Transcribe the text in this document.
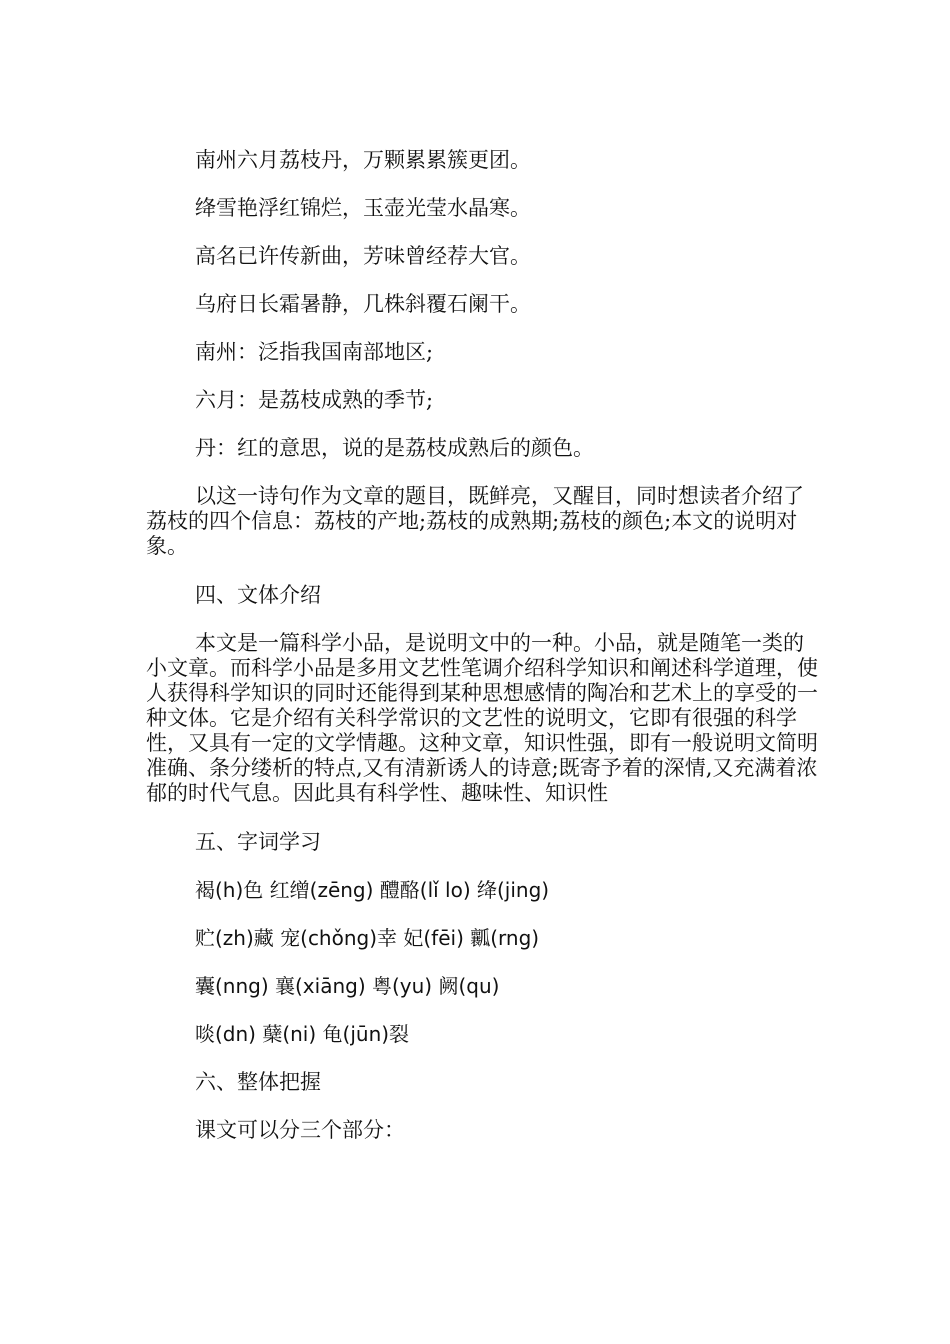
南州六月荔枝丹，万颗累累簇更团。

绛雪艳浮红锦烂，玉壶光莹水晶寒。

高名已许传新曲，芳味曾经荐大官。

乌府日长霜暑静，几株斜覆石阑干。

南州：泛指我国南部地区;

六月：是荔枝成熟的季节;

丹：红的意思，说的是荔枝成熟后的颜色。

以这一诗句作为文章的题目，既鲜亮，又醒目，同时想读者介绍了荔枝的四个信息：荔枝的产地;荔枝的成熟期;荔枝的颜色;本文的说明对象。

四、文体介绍

本文是一篇科学小品，是说明文中的一种。小品，就是随笔一类的小文章。而科学小品是多用文艺性笔调介绍科学知识和阐述科学道理，使人获得科学知识的同时还能得到某种思想感情的陶冶和艺术上的享受的一种文体。它是介绍有关科学常识的文艺性的说明文，它即有很强的科学性，又具有一定的文学情趣。这种文章，知识性强，即有一般说明文简明准确、条分缕析的特点,又有清新诱人的诗意;既寄予着的深情,又充满着浓郁的时代气息。因此具有科学性、趣味性、知识性

五、字词学习

褐(h)色 红缯(zēng) 醴酪(lǐ lo) 绛(jing)

贮(zh)藏 宠(chǒng)幸 妃(fēi) 瓤(rng)

囊(nng) 襄(xiāng) 粤(yu) 阙(qu)

啖(dn) 蘖(ni) 龟(jūn)裂

六、整体把握

课文可以分三个部分：
